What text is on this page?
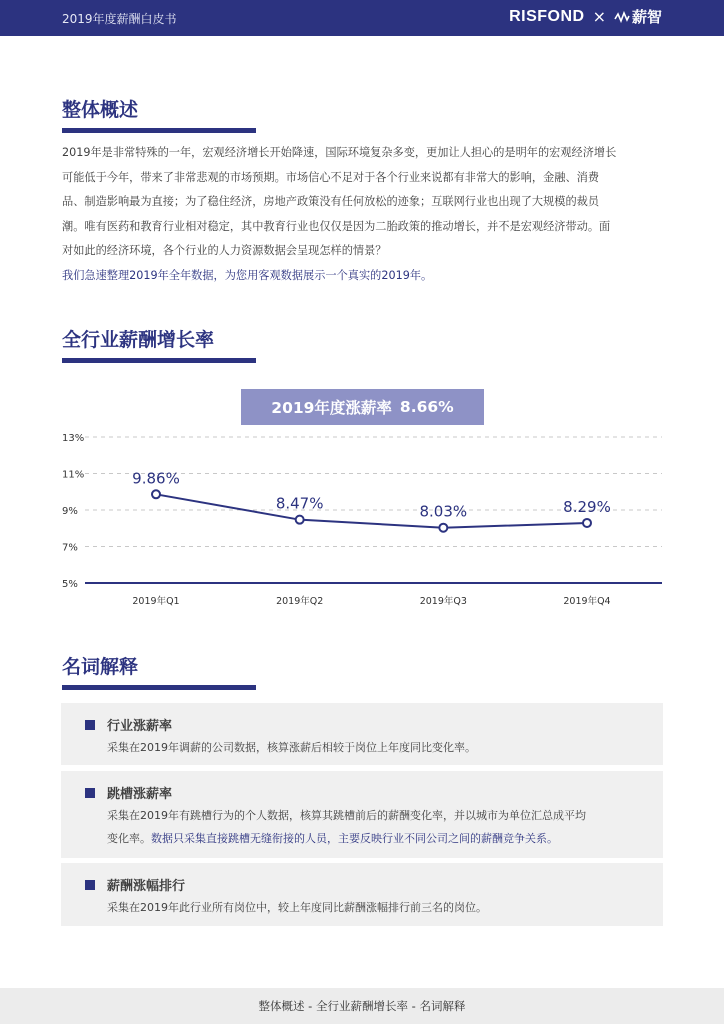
2019年度薪酬白皮书	RISFOND × 薪智
整体概述

2019年是非常特殊的一年，宏观经济增长开始降速，国际环境复杂多变，更加让人担心的是明年的宏观经济增长

可能低于今年，带来了非常悲观的市场预期。市场信心不足对于各个行业来说都有非常大的影响，金融、消费

品、制造影响最为直接；为了稳住经济，房地产政策没有任何放松的迹象；互联网行业也出现了大规模的裁员

潮。唯有医药和教育行业相对稳定，其中教育行业也仅仅是因为二胎政策的推动增长，并不是宏观经济带动。面

对如此的经济环境，各个行业的人力资源数据会呈现怎样的情景？

我们急速整理2019年全年数据，为您用客观数据展示一个真实的2019年。

全行业薪酬增长率
2019年度涨薪率 8.66%
13%
11%
9%
7%
5%
9.86%
2019年Q1
8.47%
2019年Q2
8.03%
2019年Q3
8.29%
2019年Q4
名词解释
行业涨薪率

采集在2019年调薪的公司数据，核算涨薪后相较于岗位上年度同比变化率。

跳槽涨薪率

采集在2019年有跳槽行为的个人数据，核算其跳槽前后的薪酬变化率，并以城市为单位汇总成平均

变化率。数据只采集直接跳槽无缝衔接的人员，主要反映行业不同公司之间的薪酬竞争关系。

薪酬涨幅排行

采集在2019年此行业所有岗位中，较上年度同比薪酬涨幅排行前三名的岗位。

整体概述 - 全行业薪酬增长率 - 名词解释
